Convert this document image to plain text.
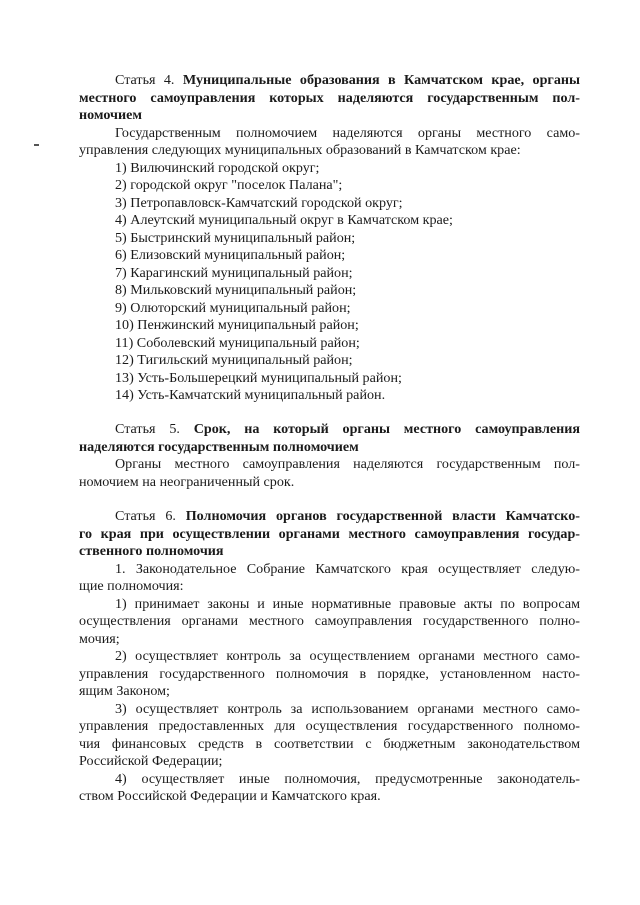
Статья 4. Муниципальные образования в Камчатском крае, органы
местного самоуправления которых наделяются государственным пол-
номочием
Государственным полномочием наделяются органы местного само-
управления следующих муниципальных образований в Камчатском крае:
1) Вилючинский городской округ;
2) городской округ "поселок Палана";
3) Петропавловск-Камчатский городской округ;
4) Алеутский муниципальный округ в Камчатском крае;
5) Быстринский муниципальный район;
6) Елизовский муниципальный район;
7) Карагинский муниципальный район;
8) Мильковский муниципальный район;
9) Олюторский муниципальный район;
10) Пенжинский муниципальный район;
11) Соболевский муниципальный район;
12) Тигильский муниципальный район;
13) Усть-Большерецкий муниципальный район;
14) Усть-Камчатский муниципальный район.
Статья 5. Срок, на который органы местного самоуправления
наделяются государственным полномочием
Органы местного самоуправления наделяются государственным пол-
номочием на неограниченный срок.
Статья 6. Полномочия органов государственной власти Камчатско-
го края при осуществлении органами местного самоуправления государ-
ственного полномочия
1. Законодательное Собрание Камчатского края осуществляет следую-
щие полномочия:
1) принимает законы и иные нормативные правовые акты по вопросам
осуществления органами местного самоуправления государственного полно-
мочия;
2) осуществляет контроль за осуществлением органами местного само-
управления государственного полномочия в порядке, установленном насто-
ящим Законом;
3) осуществляет контроль за использованием органами местного само-
управления предоставленных для осуществления государственного полномо-
чия финансовых средств в соответствии с бюджетным законодательством
Российской Федерации;
4) осуществляет иные полномочия, предусмотренные законодатель-
ством Российской Федерации и Камчатского края.
